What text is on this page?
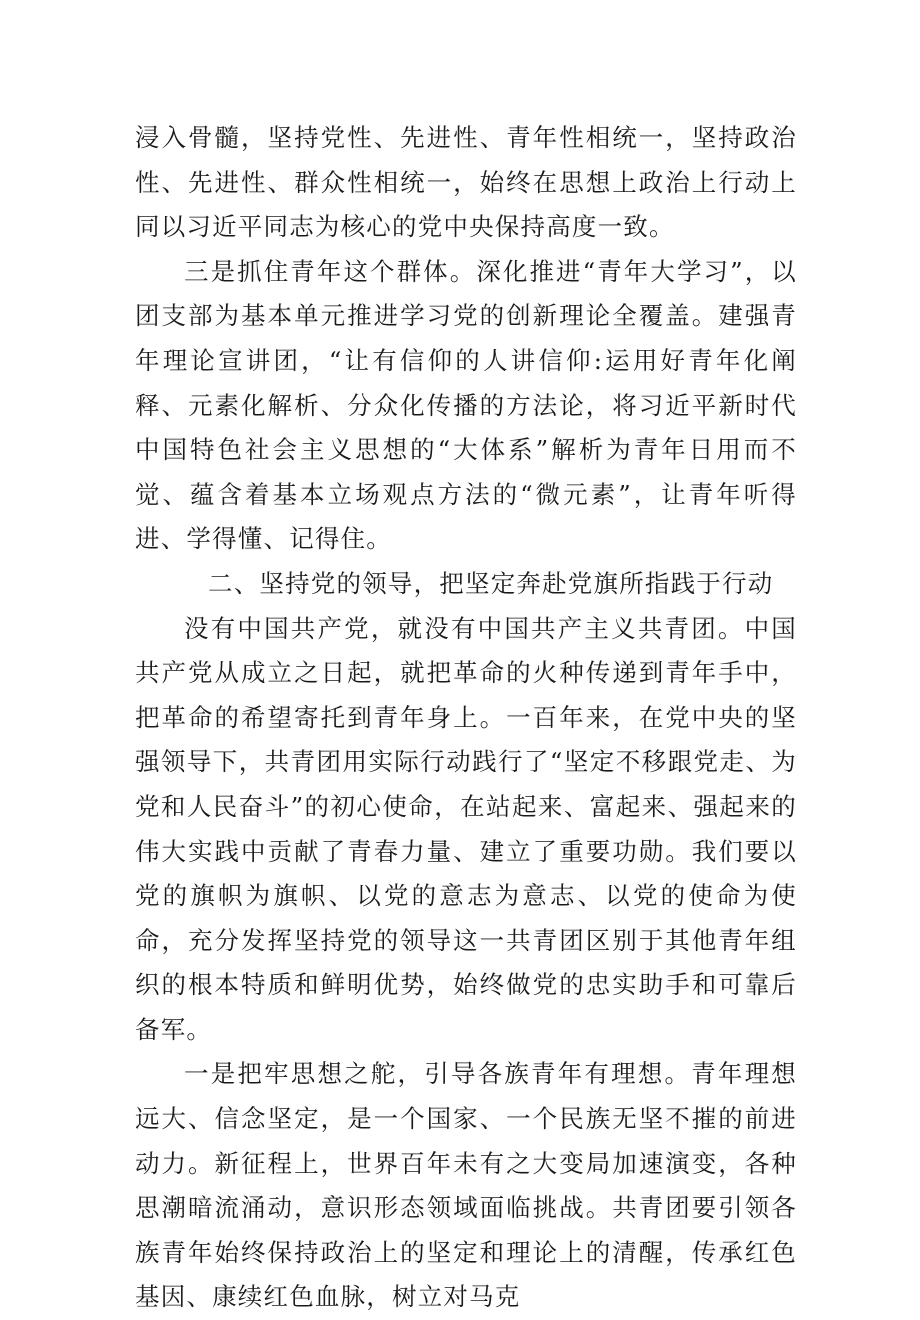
浸入骨髓，坚持党性、先进性、青年性相统一，坚持政治性、先进性、群众性相统一，始终在思想上政治上行动上同以习近平同志为核心的党中央保持高度一致。

三是抓住青年这个群体。深化推进“青年大学习”，以团支部为基本单元推进学习党的创新理论全覆盖。建强青年理论宣讲团，“让有信仰的人讲信仰:运用好青年化阐释、元素化解析、分众化传播的方法论，将习近平新时代中国特色社会主义思想的“大体系”解析为青年日用而不觉、蕴含着基本立场观点方法的“微元素”，让青年听得进、学得懂、记得住。

二、坚持党的领导，把坚定奔赴党旗所指践于行动

没有中国共产党，就没有中国共产主义共青团。中国共产党从成立之日起，就把革命的火种传递到青年手中，把革命的希望寄托到青年身上。一百年来，在党中央的坚强领导下，共青团用实际行动践行了“坚定不移跟党走、为党和人民奋斗”的初心使命，在站起来、富起来、强起来的伟大实践中贡献了青春力量、建立了重要功勋。我们要以党的旗帜为旗帜、以党的意志为意志、以党的使命为使命，充分发挥坚持党的领导这一共青团区别于其他青年组织的根本特质和鲜明优势，始终做党的忠实助手和可靠后备军。

一是把牢思想之舵，引导各族青年有理想。青年理想远大、信念坚定，是一个国家、一个民族无坚不摧的前进动力。新征程上，世界百年未有之大变局加速演变，各种思潮暗流涌动，意识形态领域面临挑战。共青团要引领各族青年始终保持政治上的坚定和理论上的清醒，传承红色基因、康续红色血脉，树立对马克
